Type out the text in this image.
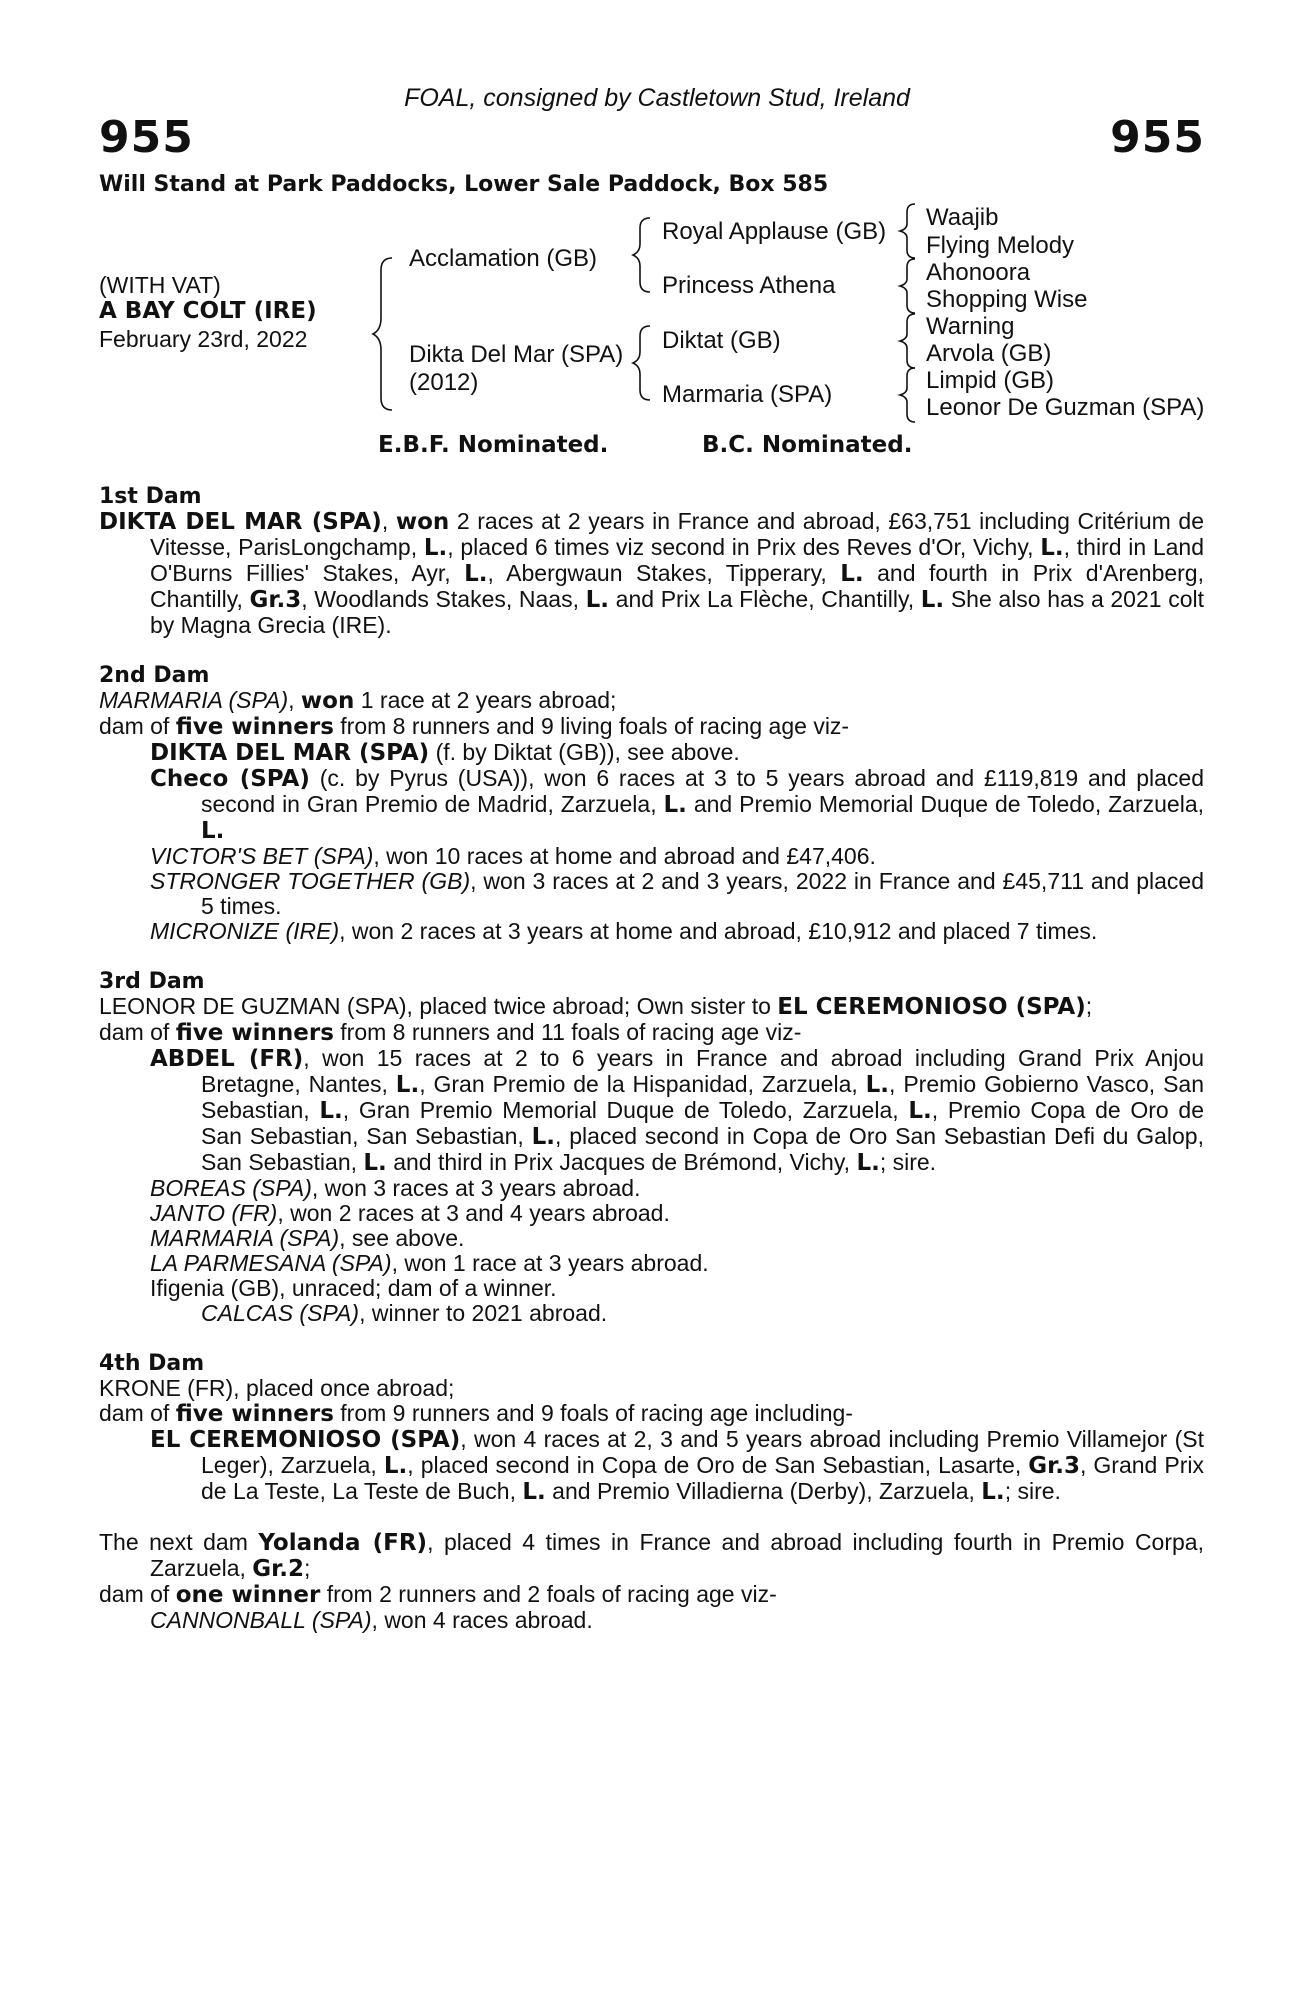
FOAL, consigned by Castletown Stud, Ireland
955	955
Will Stand at Park Paddocks, Lower Sale Paddock, Box 585
(WITH VAT)
A BAY COLT (IRE)
February 23rd, 2022
Acclamation (GB)
Dikta Del Mar (SPA)
(2012)
Royal Applause (GB)
Princess Athena
Diktat (GB)
Marmaria (SPA)
Waajib
Flying Melody
Ahonoora
Shopping Wise
Warning
Arvola (GB)
Limpid (GB)
Leonor De Guzman (SPA)
E.B.F. Nominated.	B.C. Nominated.

1st Dam

DIKTA DEL MAR (SPA), won 2 races at 2 years in France and abroad, £63,751 including Critérium de Vitesse, ParisLongchamp, L., placed 6 times viz second in Prix des Reves d'Or, Vichy, L., third in Land O'Burns Fillies' Stakes, Ayr, L., Abergwaun Stakes, Tipperary, L. and fourth in Prix d'Arenberg, Chantilly, Gr.3, Woodlands Stakes, Naas, L. and Prix La Flèche, Chantilly, L. She also has a 2021 colt by Magna Grecia (IRE).

2nd Dam

MARMARIA (SPA), won 1 race at 2 years abroad;

dam of five winners from 8 runners and 9 living foals of racing age viz-

DIKTA DEL MAR (SPA) (f. by Diktat (GB)), see above.

Checo (SPA) (c. by Pyrus (USA)), won 6 races at 3 to 5 years abroad and £119,819 and placed second in Gran Premio de Madrid, Zarzuela, L. and Premio Memorial Duque de Toledo, Zarzuela, L.

VICTOR'S BET (SPA), won 10 races at home and abroad and £47,406.

STRONGER TOGETHER (GB), won 3 races at 2 and 3 years, 2022 in France and £45,711 and placed 5 times.

MICRONIZE (IRE), won 2 races at 3 years at home and abroad, £10,912 and placed 7 times.

3rd Dam

LEONOR DE GUZMAN (SPA), placed twice abroad; Own sister to EL CEREMONIOSO (SPA);

dam of five winners from 8 runners and 11 foals of racing age viz-

ABDEL (FR), won 15 races at 2 to 6 years in France and abroad including Grand Prix Anjou Bretagne, Nantes, L., Gran Premio de la Hispanidad, Zarzuela, L., Premio Gobierno Vasco, San Sebastian, L., Gran Premio Memorial Duque de Toledo, Zarzuela, L., Premio Copa de Oro de San Sebastian, San Sebastian, L., placed second in Copa de Oro San Sebastian Defi du Galop, San Sebastian, L. and third in Prix Jacques de Brémond, Vichy, L.; sire.

BOREAS (SPA), won 3 races at 3 years abroad.

JANTO (FR), won 2 races at 3 and 4 years abroad.

MARMARIA (SPA), see above.

LA PARMESANA (SPA), won 1 race at 3 years abroad.

Ifigenia (GB), unraced; dam of a winner.

CALCAS (SPA), winner to 2021 abroad.

4th Dam

KRONE (FR), placed once abroad;

dam of five winners from 9 runners and 9 foals of racing age including-

EL CEREMONIOSO (SPA), won 4 races at 2, 3 and 5 years abroad including Premio Villamejor (St Leger), Zarzuela, L., placed second in Copa de Oro de San Sebastian, Lasarte, Gr.3, Grand Prix de La Teste, La Teste de Buch, L. and Premio Villadierna (Derby), Zarzuela, L.; sire.

The next dam Yolanda (FR), placed 4 times in France and abroad including fourth in Premio Corpa, Zarzuela, Gr.2;

dam of one winner from 2 runners and 2 foals of racing age viz-

CANNONBALL (SPA), won 4 races abroad.
